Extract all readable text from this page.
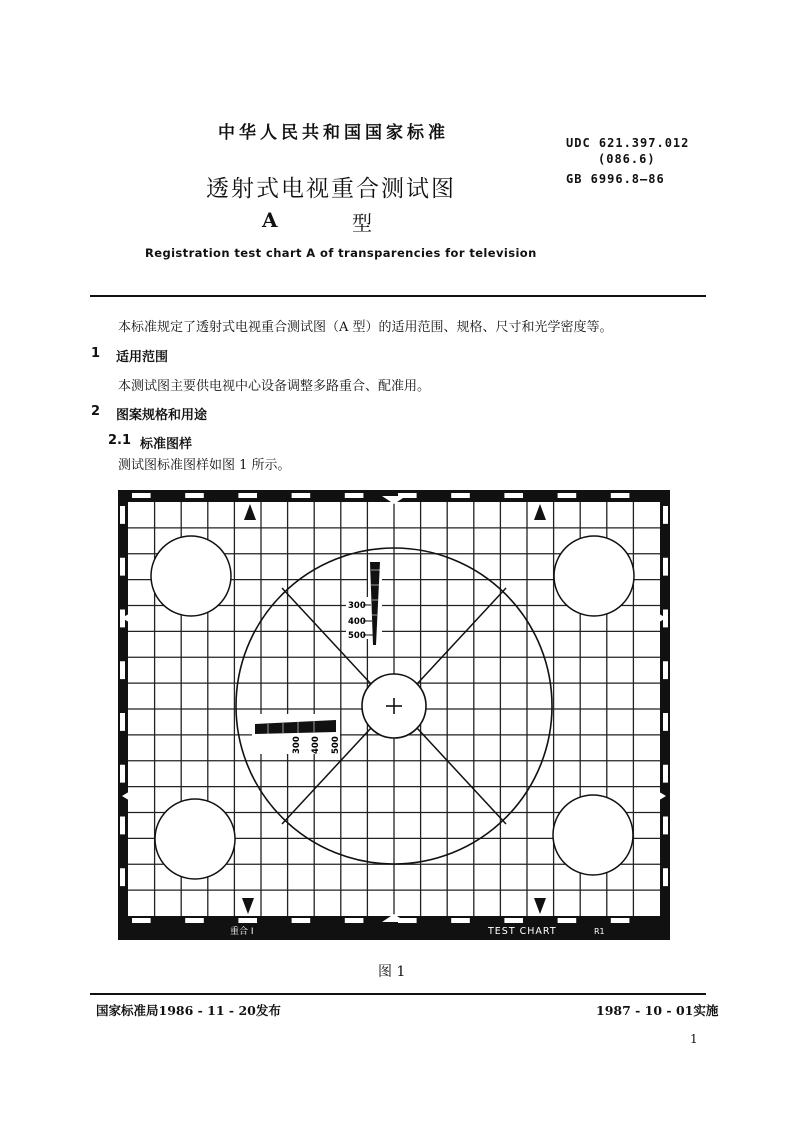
中华人民共和国国家标准	UDC 621.397.012
(086.6)
GB 6996.8—86
透射式电视重合测试图
A	型
Registration test chart A of transparencies for television
本标准规定了透射式电视重合测试图（A 型）的适用范围、规格、尺寸和光学密度等。
1 适用范围
本测试图主要供电视中心设备调整多路重合、配准用。
2 图案规格和用途
2.1 标准图样
测试图标准图样如图 1 所示。
300
400
500
300 400 500
重合 I	TEST CHART	R1
图 1
国家标准局1986 - 11 - 20发布	1987 - 10 - 01实施
1
